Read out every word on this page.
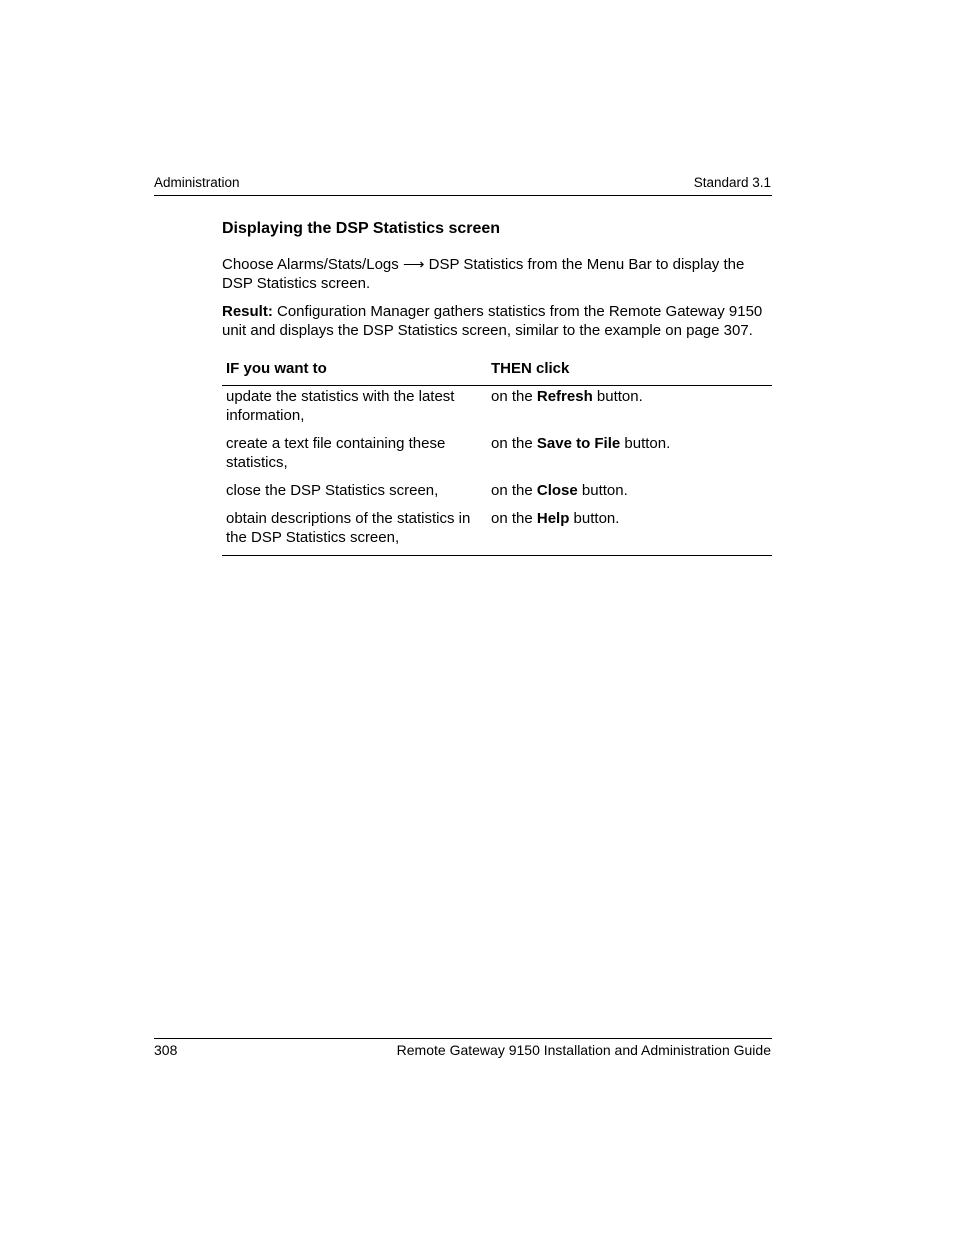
Administration	Standard 3.1
Displaying the DSP Statistics screen

Choose Alarms/Stats/Logs ⟶ DSP Statistics from the Menu Bar to display the DSP Statistics screen.

Result: Configuration Manager gathers statistics from the Remote Gateway 9150 unit and displays the DSP Statistics screen, similar to the example on page 307.

IF you want to	THEN click
update the statistics with the latest information,	on the Refresh button.
create a text file containing these statistics,	on the Save to File button.
close the DSP Statistics screen,	on the Close button.
obtain descriptions of the statistics in the DSP Statistics screen,	on the Help button.
308	Remote Gateway 9150 Installation and Administration Guide
